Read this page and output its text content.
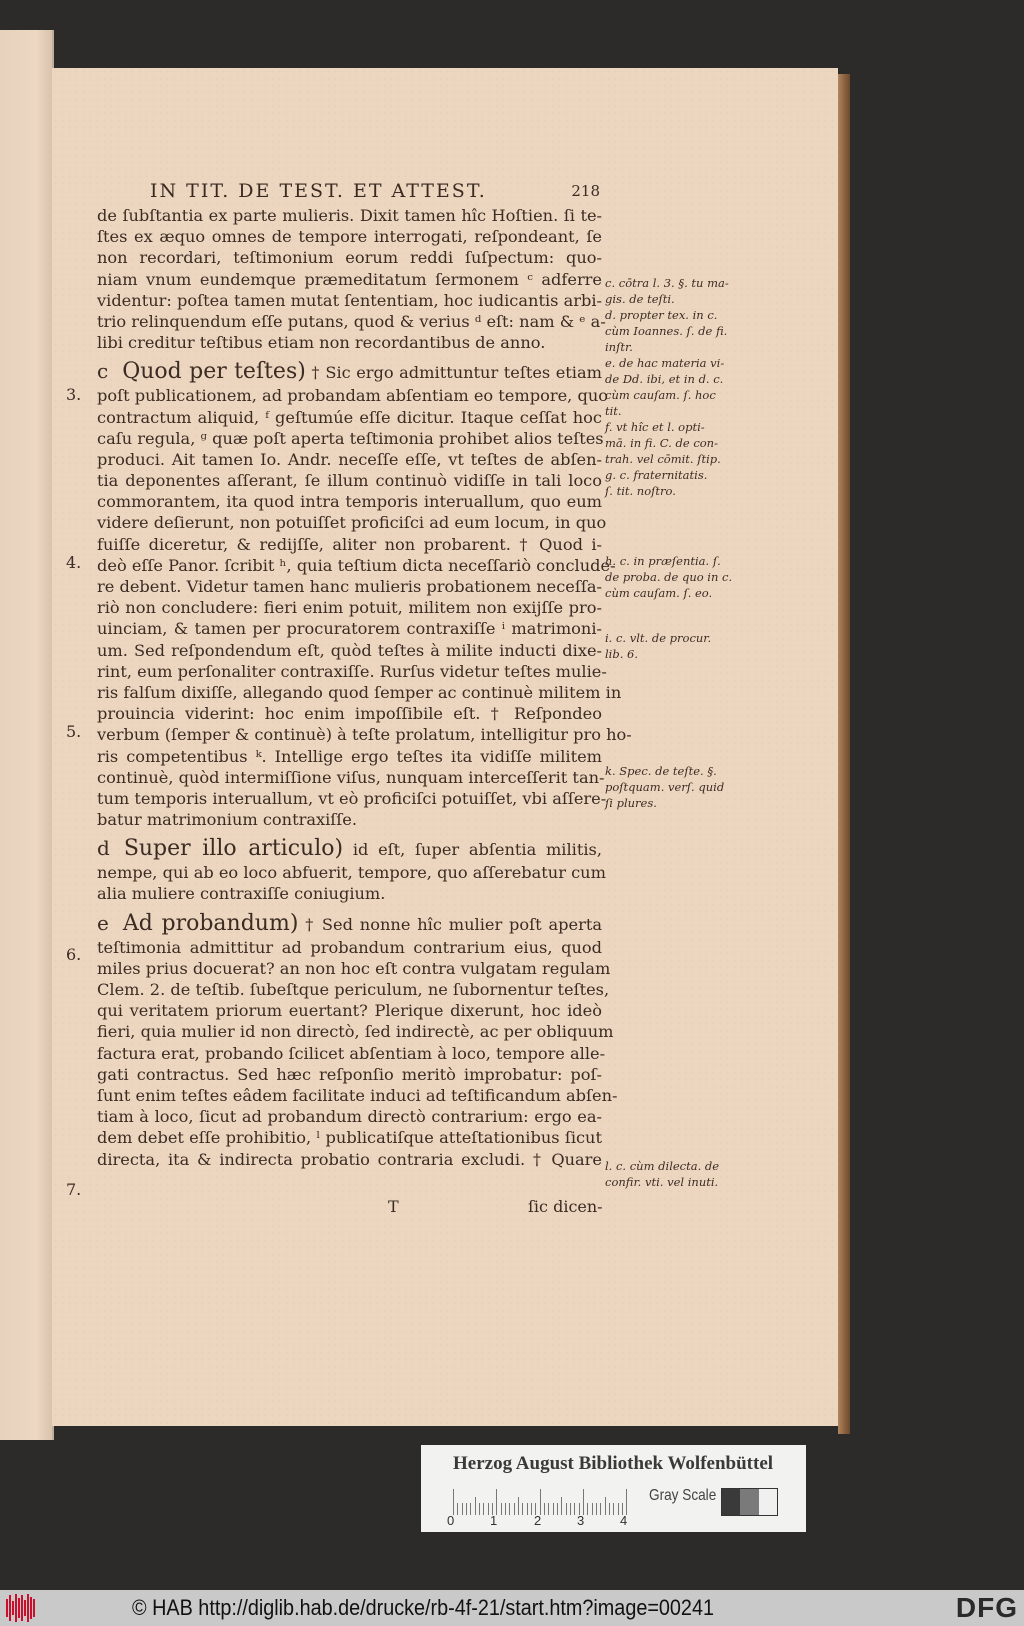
IN TIT. DE TEST. ET ATTEST.	218
de ſubſtantia ex parte mulieris. Dixit tamen hîc Hoſtien. ſi te-
ſtes ex æquo omnes de tempore interrogati, reſpondeant, ſe
non recordari, teſtimonium eorum reddi ſuſpectum: quo-
niam vnum eundemque præmeditatum ſermonem ᶜ adferre
videntur: poſtea tamen mutat ſententiam, hoc iudicantis arbi-
trio relinquendum eſſe putans, quod & verius ᵈ eſt: nam & ᵉ a-
libi creditur teſtibus etiam non recordantibus de anno.
c Quod per teſtes) † Sic ergo admittuntur teſtes etiam
poſt publicationem, ad probandam abſentiam eo tempore, quo
contractum aliquid, ᶠ geſtumúe eſſe dicitur. Itaque ceſſat hoc
caſu regula, ᵍ quæ poſt aperta teſtimonia prohibet alios teſtes
produci. Ait tamen Io. Andr. neceſſe eſſe, vt teſtes de abſen-
tia deponentes aſſerant, ſe illum continuò vidiſſe in tali loco
commorantem, ita quod intra temporis interuallum, quo eum
videre deſierunt, non potuiſſet proficiſci ad eum locum, in quo
fuiſſe diceretur, & redijſſe, aliter non probarent. † Quod i-
deò eſſe Panor. ſcribit ʰ, quia teſtium dicta neceſſariò conclude-
re debent. Videtur tamen hanc mulieris probationem neceſſa-
riò non concludere: fieri enim potuit, militem non exijſſe pro-
uinciam, & tamen per procuratorem contraxiſſe ⁱ matrimoni-
um. Sed reſpondendum eſt, quòd teſtes à milite inducti dixe-
rint, eum perſonaliter contraxiſſe. Rurſus videtur teſtes mulie-
ris falſum dixiſſe, allegando quod ſemper ac continuè militem in
prouincia viderint: hoc enim impoſſibile eſt. † Reſpondeo
verbum (ſemper & continuè) à teſte prolatum, intelligitur pro ho-
ris competentibus ᵏ. Intellige ergo teſtes ita vidiſſe militem
continuè, quòd intermiſſione viſus, nunquam interceſſerit tan-
tum temporis interuallum, vt eò proficiſci potuiſſet, vbi aſſere-
batur matrimonium contraxiſſe.
d Super illo articulo) id eſt, ſuper abſentia militis,
nempe, qui ab eo loco abfuerit, tempore, quo aſſerebatur cum
alia muliere contraxiſſe coniugium.
e Ad probandum) † Sed nonne hîc mulier poſt aperta
teſtimonia admittitur ad probandum contrarium eius, quod
miles prius docuerat? an non hoc eſt contra vulgatam regulam
Clem. 2. de teſtib. ſubeſtque periculum, ne ſubornentur teſtes,
qui veritatem priorum euertant? Plerique dixerunt, hoc ideò
fieri, quia mulier id non directò, ſed indirectè, ac per obliquum
factura erat, probando ſcilicet abſentiam à loco, tempore alle-
gati contractus. Sed hæc reſponſio meritò improbatur: poſ-
ſunt enim teſtes eâdem facilitate induci ad teſtificandum abſen-
tiam à loco, ſicut ad probandum directò contrarium: ergo ea-
dem debet eſſe prohibitio, ˡ publicatiſque atteſtationibus ſicut
directa, ita & indirecta probatio contraria excludi. † Quare
3.
4.
5.
6.
7.
c. cōtra l. 3. §. tu ma-
gis. de teſti.
d. propter tex. in c.
cùm Ioannes. ſ. de fi.
inſtr.
e. de hac materia vi-
de Dd. ibi, et in d. c.
cùm cauſam. ſ. hoc
tit.
f. vt hîc et l. opti-
mā. in fi. C. de con-
trah. vel cōmit. ſtip.
g. c. fraternitatis.
ſ. tit. noſtro.
h. c. in præſentia. ſ.
de proba. de quo in c.
cùm cauſam. ſ. eo.
i. c. vlt. de procur.
lib. 6.
k. Spec. de teſte. §.
poſtquam. verſ. quid
ſi plures.
l. c. cùm dilecta. de
confir. vti. vel inuti.
T	ſic dicen-
Herzog August Bibliothek Wolfenbüttel
0	1	2	3	4
Gray Scale
© HAB http://diglib.hab.de/drucke/rb-4f-21/start.htm?image=00241	DFG
